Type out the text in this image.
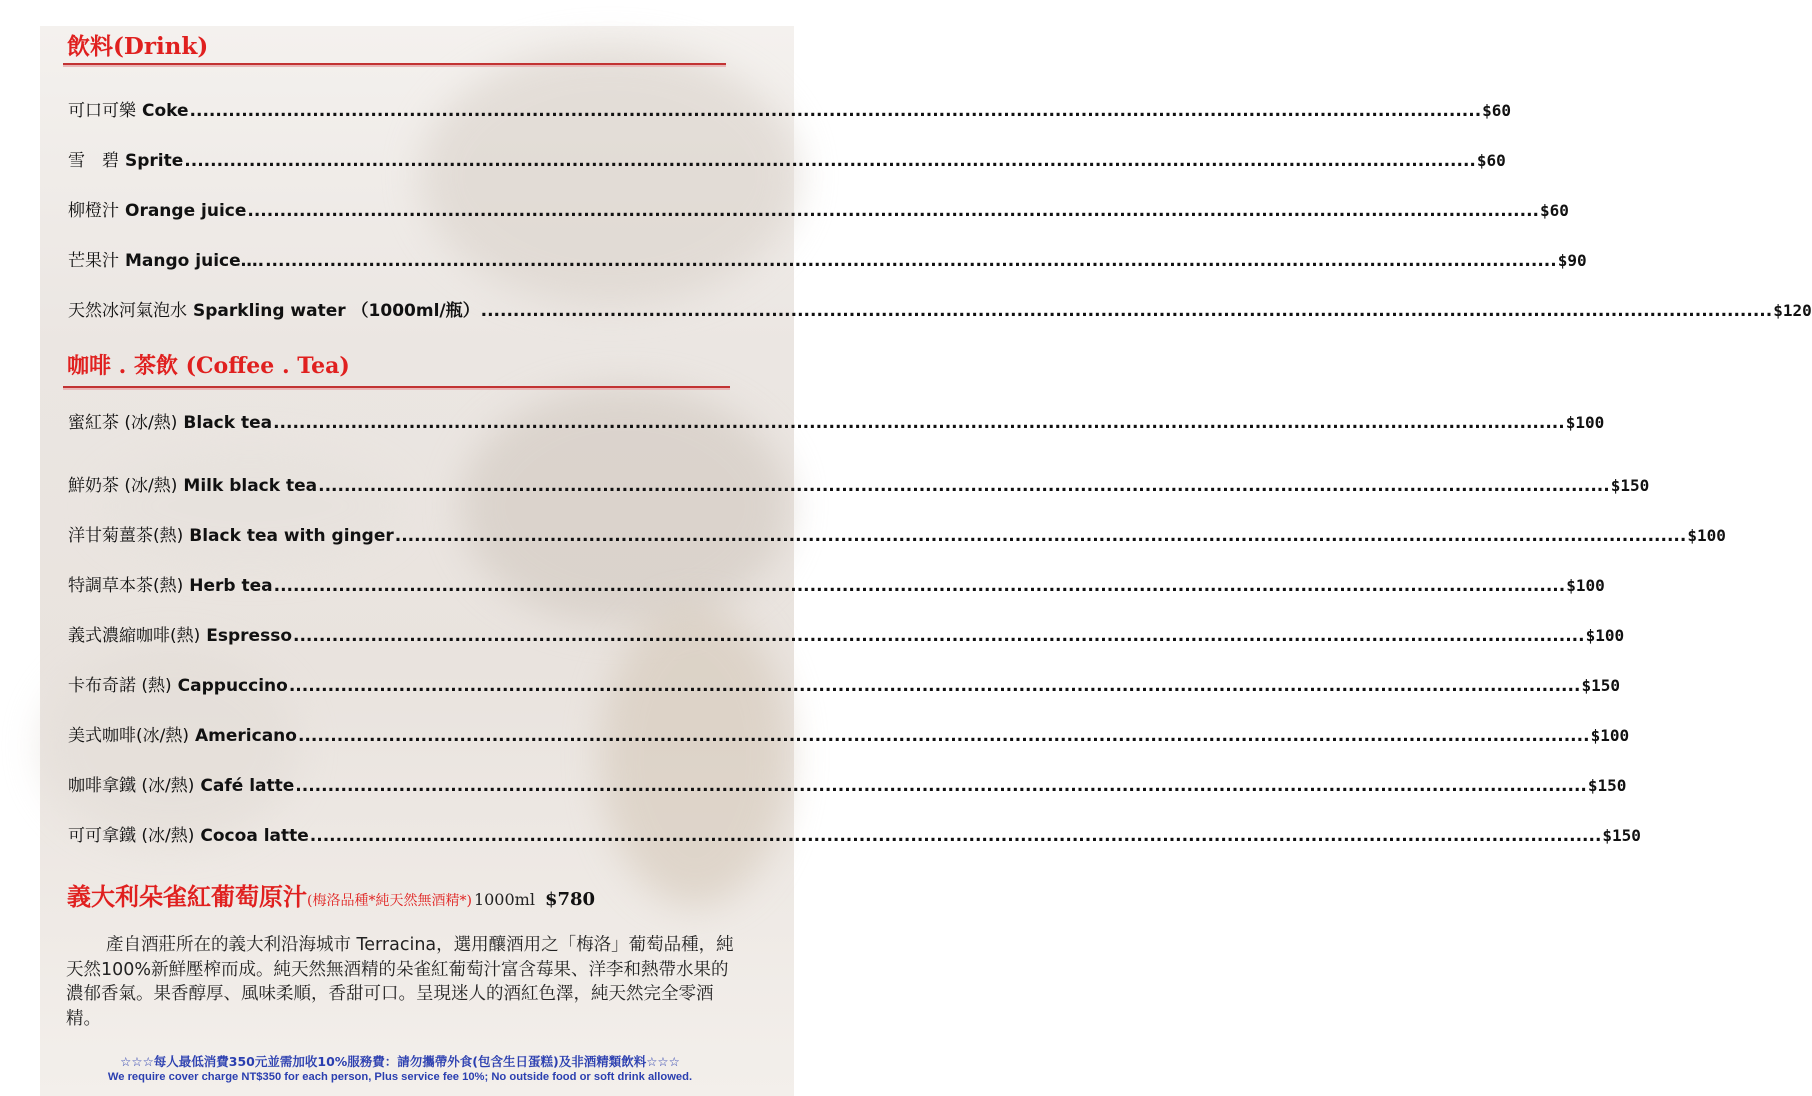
飲料(Drink)
可口可樂 Coke ........................................................................................................................................................................................................ $60
雪　碧 Sprite ........................................................................................................................................................................................................ $60
柳橙汁 Orange juice ........................................................................................................................................................................................................ $60
芒果汁 Mango juice…. ........................................................................................................................................................................................................ $90
天然冰河氣泡水 Sparkling water （1000ml/瓶） ........................................................................................................................................................................................................ $120
咖啡 . 茶飲 (Coffee . Tea)
蜜紅茶 (冰/熱) Black tea ........................................................................................................................................................................................................ $100
鮮奶茶 (冰/熱) Milk black tea ........................................................................................................................................................................................................ $150
洋甘菊薑茶(熱) Black tea with ginger ........................................................................................................................................................................................................ $100
特調草本茶(熱) Herb tea ........................................................................................................................................................................................................ $100
義式濃縮咖啡(熱) Espresso ........................................................................................................................................................................................................ $100
卡布奇諾 (熱) Cappuccino ........................................................................................................................................................................................................ $150
美式咖啡(冰/熱) Americano ........................................................................................................................................................................................................ $100
咖啡拿鐵 (冰/熱) Café latte ........................................................................................................................................................................................................ $150
可可拿鐵 (冰/熱) Cocoa latte ........................................................................................................................................................................................................ $150
義大利朵雀紅葡萄原汁(梅洛品種*純天然無酒精*) 1000ml $780
產自酒莊所在的義大利沿海城市 Terracina，選用釀酒用之「梅洛」葡萄品種，純天然100%新鮮壓榨而成。純天然無酒精的朵雀紅葡萄汁富含莓果、洋李和熱帶水果的濃郁香氣。果香醇厚、風味柔順，香甜可口。呈現迷人的酒紅色澤，純天然完全零酒精。
☆☆☆每人最低消費350元並需加收10%服務費：請勿攜帶外食(包含生日蛋糕)及非酒精類飲料☆☆☆
We require cover charge NT$350 for each person, Plus service fee 10%; No outside food or soft drink allowed.
